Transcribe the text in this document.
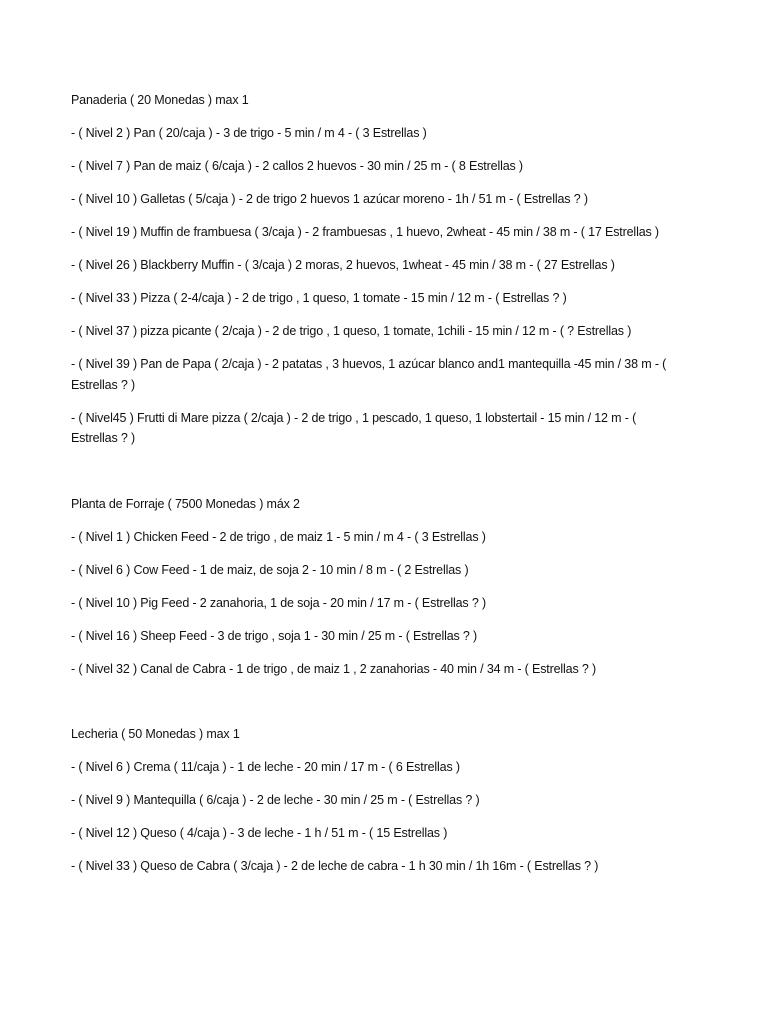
Panaderia ( 20 Monedas ) max 1

- ( Nivel 2 ) Pan ( 20/caja ) - 3 de trigo - 5 min / m 4 - ( 3 Estrellas )

- ( Nivel 7 ) Pan de maiz ( 6/caja ) - 2 callos 2 huevos - 30 min / 25 m - ( 8 Estrellas )

- ( Nivel 10 ) Galletas ( 5/caja ) - 2 de trigo 2 huevos 1 azúcar moreno - 1h / 51 m - ( Estrellas ? )

- ( Nivel 19 ) Muffin de frambuesa ( 3/caja ) - 2 frambuesas , 1 huevo, 2wheat - 45 min / 38 m - ( 17 Estrellas )

- ( Nivel 26 ) Blackberry Muffin - ( 3/caja ) 2 moras, 2 huevos, 1wheat - 45 min / 38 m - ( 27 Estrellas )

- ( Nivel 33 ) Pizza ( 2-4/caja ) - 2 de trigo , 1 queso, 1 tomate - 15 min / 12 m - ( Estrellas ? )

- ( Nivel 37 ) pizza picante ( 2/caja ) - 2 de trigo , 1 queso, 1 tomate, 1chili - 15 min / 12 m - ( ? Estrellas )

- ( Nivel 39 ) Pan de Papa ( 2/caja ) - 2 patatas , 3 huevos, 1 azúcar blanco and1 mantequilla -45 min / 38 m - ( Estrellas ? )

- ( Nivel45 ) Frutti di Mare pizza ( 2/caja ) - 2 de trigo , 1 pescado, 1 queso, 1 lobstertail - 15 min / 12 m - ( Estrellas ? )

Planta de Forraje ( 7500 Monedas ) máx 2

- ( Nivel 1 ) Chicken Feed - 2 de trigo , de maiz 1 - 5 min / m 4 - ( 3 Estrellas )

- ( Nivel 6 ) Cow Feed - 1 de maiz, de soja 2 - 10 min / 8 m - ( 2 Estrellas )

- ( Nivel 10 ) Pig Feed - 2 zanahoria, 1 de soja - 20 min / 17 m - ( Estrellas ? )

- ( Nivel 16 ) Sheep Feed - 3 de trigo , soja 1 - 30 min / 25 m - ( Estrellas ? )

- ( Nivel 32 ) Canal de Cabra - 1 de trigo , de maiz 1 , 2 zanahorias - 40 min / 34 m - ( Estrellas ? )

Lecheria ( 50 Monedas ) max 1

- ( Nivel 6 ) Crema ( 11/caja ) - 1 de leche - 20 min / 17 m - ( 6 Estrellas )

- ( Nivel 9 ) Mantequilla ( 6/caja ) - 2 de leche - 30 min / 25 m - ( Estrellas ? )

- ( Nivel 12 ) Queso ( 4/caja ) - 3 de leche - 1 h / 51 m - ( 15 Estrellas )

- ( Nivel 33 ) Queso de Cabra ( 3/caja ) - 2 de leche de cabra - 1 h 30 min / 1h 16m - ( Estrellas ? )
